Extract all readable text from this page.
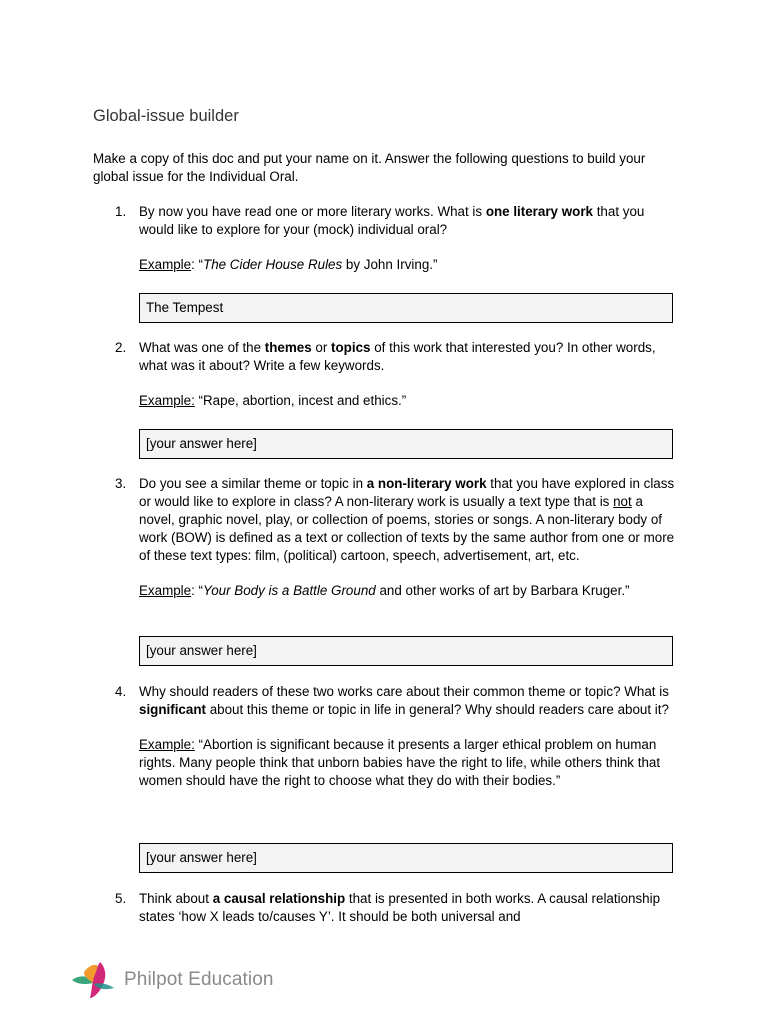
Global-issue builder
Make a copy of this doc and put your name on it. Answer the following questions to build your global issue for the Individual Oral.
1. By now you have read one or more literary works. What is one literary work that you would like to explore for your (mock) individual oral?
Example: “The Cider House Rules by John Irving.”
The Tempest
2. What was one of the themes or topics of this work that interested you? In other words, what was it about? Write a few keywords.
Example: “Rape, abortion, incest and ethics.”
[your answer here]
3. Do you see a similar theme or topic in a non-literary work that you have explored in class or would like to explore in class? A non-literary work is usually a text type that is not a novel, graphic novel, play, or collection of poems, stories or songs. A non-literary body of work (BOW) is defined as a text or collection of texts by the same author from one or more of these text types: film, (political) cartoon, speech, advertisement, art, etc.
Example: “Your Body is a Battle Ground and other works of art by Barbara Kruger.”
[your answer here]
4. Why should readers of these two works care about their common theme or topic? What is significant about this theme or topic in life in general? Why should readers care about it?
Example: “Abortion is significant because it presents a larger ethical problem on human rights. Many people think that unborn babies have the right to life, while others think that women should have the right to choose what they do with their bodies.”
[your answer here]
5. Think about a causal relationship that is presented in both works. A causal relationship states ‘how X leads to/causes Y’. It should be both universal and
Philpot Education
